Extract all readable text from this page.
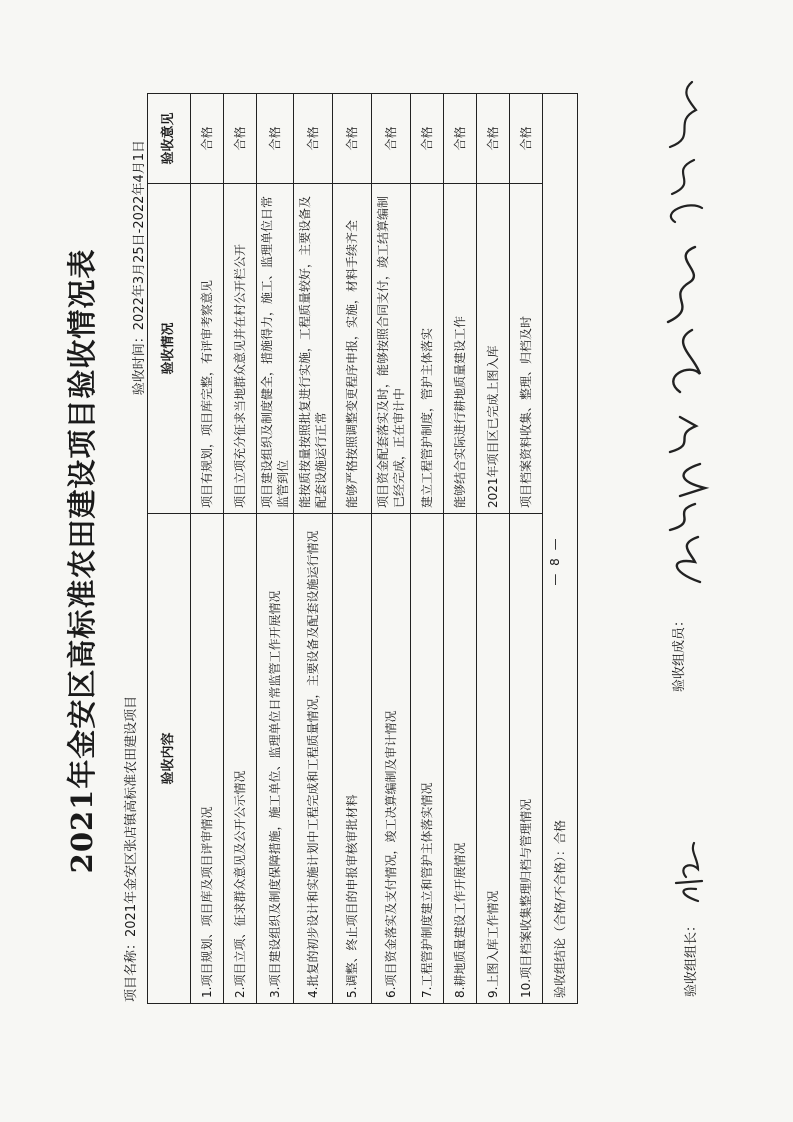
2021年金安区高标准农田建设项目验收情况表	项目名称：2021年金安区张店镇高标准农田建设项目
验收时间：2022年3月25日-2022年4月1日
验收内容	验收情况	验收意见
1.项目规划、项目库及项目评审情况	项目有规划，项目库完整，有评审考察意见	合格
2.项目立项、征求群众意见及公开公示情况	项目立项充分征求当地群众意见并在村公开栏公开	合格
3.项目建设组织及制度保障措施，施工单位、监理单位日常监管工作开展情况	项目建设组织及制度健全，措施得力，施工、监理单位日常监管到位	合格
4.批复的初步设计和实施计划中工程完成和工程质量情况，主要设备及配套设施运行情况	能按质按量按照批复进行实施，工程质量较好，主要设备及配套设施运行正常	合格
5.调整、终止项目的申报审核审批材料	能够严格按照调整变更程序申报，实施，材料手续齐全	合格
6.项目资金落实及支付情况，竣工决算编制及审计情况	项目资金配套落实及时，能够按照合同支付，竣工结算编制已经完成，正在审计中	合格
7.工程管护制度建立和管护主体落实情况	建立工程管护制度，管护主体落实	合格
8.耕地质量建设工作开展情况	能够结合实际进行耕地质量建设工作	合格
9.上图入库工作情况	2021年项目区已完成上图入库	合格
10.项目档案收集整理归档与管理情况	项目档案资料收集、整理、归档及时	合格
验收组结论（合格/不合格）：合格		
— 8 —
验收组组长：
验收组成员：
